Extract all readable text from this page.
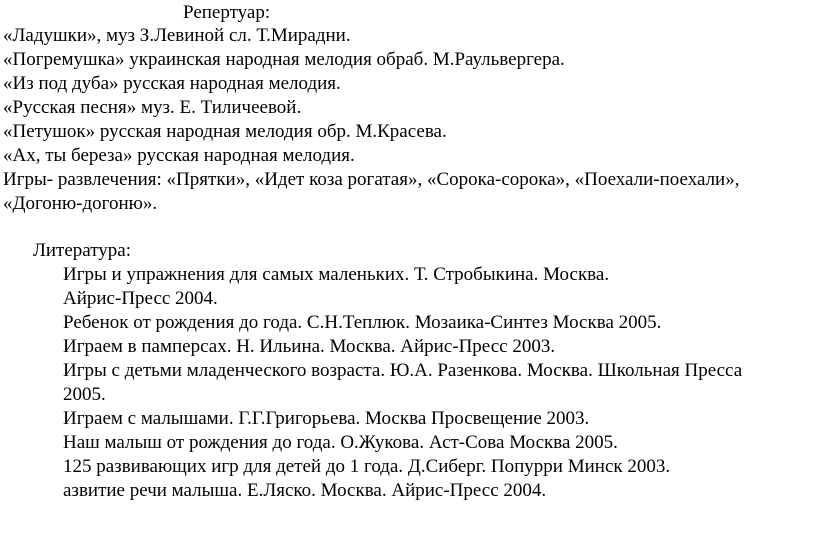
Репертуар:
«Ладушки», муз З.Левиной сл. Т.Мирадни.
«Погремушка» украинская народная мелодия обраб. М.Раульвергера.
«Из под дуба» русская народная мелодия.
«Русская песня» муз. Е. Тиличеевой.
«Петушок» русская народная мелодия обр. М.Красева.
«Ах, ты береза» русская народная мелодия.
Игры- развлечения: «Прятки», «Идет коза рогатая», «Сорока-сорока», «Поехали-поехали»,
«Догоню-догоню».
Литература:
Игры и упражнения для самых маленьких. Т. Стробыкина. Москва.
Айрис-Пресс 2004.
Ребенок от рождения до года. С.Н.Теплюк. Мозаика-Синтез Москва 2005.
Играем в памперсах. Н. Ильина. Москва. Айрис-Пресс 2003.
Игры с детьми младенческого возраста. Ю.А. Разенкова. Москва. Школьная Пресса
2005.
Играем с малышами. Г.Г.Григорьева. Москва Просвещение 2003.
Наш малыш от рождения до года. О.Жукова. Аст-Сова Москва 2005.
125 развивающих игр для детей до 1 года. Д.Сиберг. Попурри Минск 2003.
азвитие речи малыша. Е.Ляско. Москва. Айрис-Пресс 2004.
